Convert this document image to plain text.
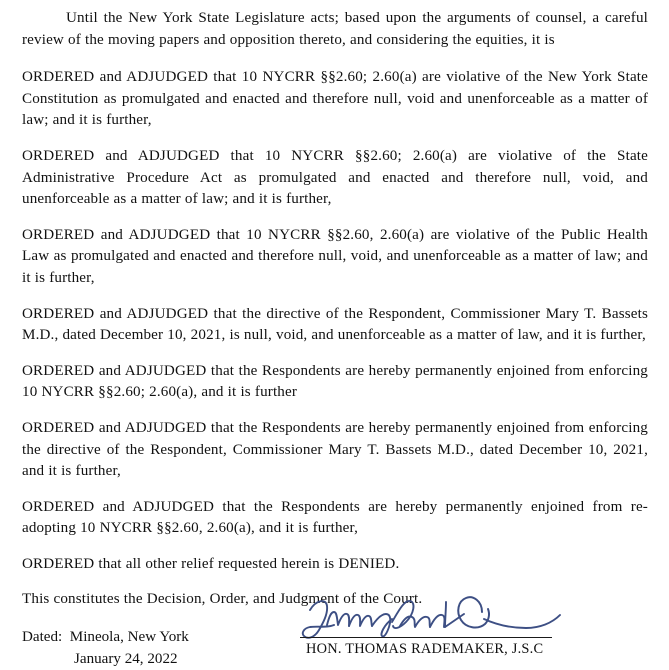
Until the New York State Legislature acts; based upon the arguments of counsel, a careful review of the moving papers and opposition thereto, and considering the equities, it is

ORDERED and ADJUDGED that 10 NYCRR §§2.60; 2.60(a) are violative of the New York State Constitution as promulgated and enacted and therefore null, void and unenforceable as a matter of law; and it is further,

ORDERED and ADJUDGED that 10 NYCRR §§2.60; 2.60(a) are violative of the State Administrative Procedure Act as promulgated and enacted and therefore null, void, and unenforceable as a matter of law; and it is further,

ORDERED and ADJUDGED that 10 NYCRR §§2.60, 2.60(a) are violative of the Public Health Law as promulgated and enacted and therefore null, void, and unenforceable as a matter of law; and it is further,

ORDERED and ADJUDGED that the directive of the Respondent, Commissioner Mary T. Bassets M.D., dated December 10, 2021, is null, void, and unenforceable as a matter of law, and it is further,

ORDERED and ADJUDGED that the Respondents are hereby permanently enjoined from enforcing 10 NYCRR §§2.60; 2.60(a), and it is further

ORDERED and ADJUDGED that the Respondents are hereby permanently enjoined from enforcing the directive of the Respondent, Commissioner Mary T. Bassets M.D., dated December 10, 2021, and it is further,

ORDERED and ADJUDGED that the Respondents are hereby permanently enjoined from re-adopting 10 NYCRR §§2.60, 2.60(a), and it is further,

ORDERED that all other relief requested herein is DENIED.

This constitutes the Decision, Order, and Judgment of the Court.

Dated:  Mineola, New York
January 24, 2022
HON. THOMAS RADEMAKER, J.S.C
